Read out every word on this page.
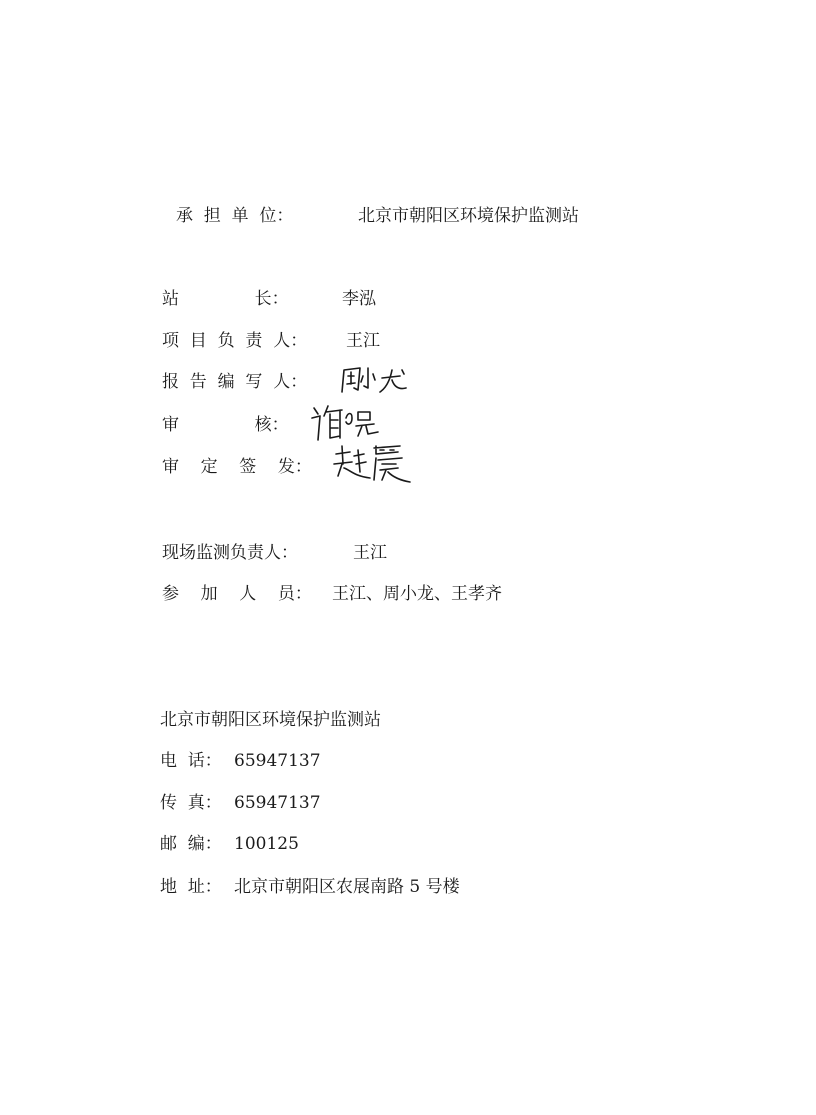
承  担  单  位：	北京市朝阳区环境保护监测站
站              长：	李泓
项  目  负  责  人： 王江
报  告  编  写  人：
审              核：
审    定    签    发：
现场监测负责人：	王江
参    加    人    员： 王江、周小龙、王孝齐
北京市朝阳区环境保护监测站
电  话： 65947137
传  真： 65947137
邮  编： 100125
地  址： 北京市朝阳区农展南路 5 号楼
